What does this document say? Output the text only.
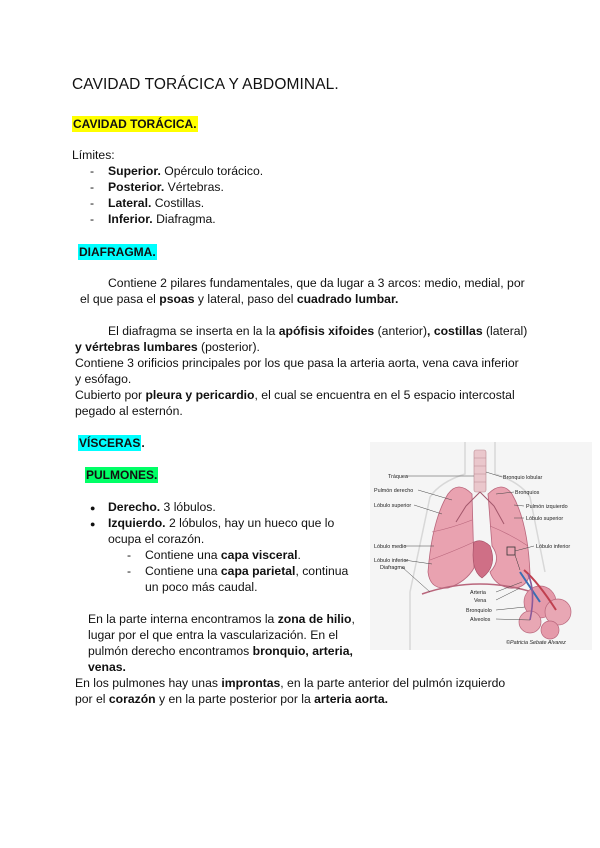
CAVIDAD TORÁCICA Y ABDOMINAL.
CAVIDAD TORÁCICA.
Límites:
- Superior. Opérculo torácico.
- Posterior. Vértebras.
- Lateral. Costillas.
- Inferior. Diafragma.
DIAFRAGMA.
Contiene 2 pilares fundamentales, que da lugar a 3 arcos: medio, medial, por
el que pasa el psoas y lateral, paso del cuadrado lumbar.
El diafragma se inserta en la la apófisis xifoides (anterior), costillas (lateral)
y vértebras lumbares (posterior).
Contiene 3 orificios principales por los que pasa la arteria aorta, vena cava inferior
y esófago.
Cubierto por pleura y pericardio, el cual se encuentra en el 5 espacio intercostal
pegado al esternón.
VÍSCERAS.
PULMONES.
● Derecho. 3 lóbulos.
● Izquierdo. 2 lóbulos, hay un hueco que lo
ocupa el corazón.
- Contiene una capa visceral.
- Contiene una capa parietal, continua
un poco más caudal.
En la parte interna encontramos la zona de hilio,
lugar por el que entra la vascularización. En el
pulmón derecho encontramos bronquio, arteria,
venas.
En los pulmones hay unas improntas, en la parte anterior del pulmón izquierdo
por el corazón y en la parte posterior por la arteria aorta.
Tráquea
Pulmón derecho
Lóbulo superior
Lóbulo medio
Lóbulo inferior
Diafragma
Bronquio lobular
Bronquios
Pulmón izquierdo
Lóbulo superior
Lóbulo inferior
Arteria
Vena
Bronquiolo
Alveolos
©Patricia Sebate Alvarez
